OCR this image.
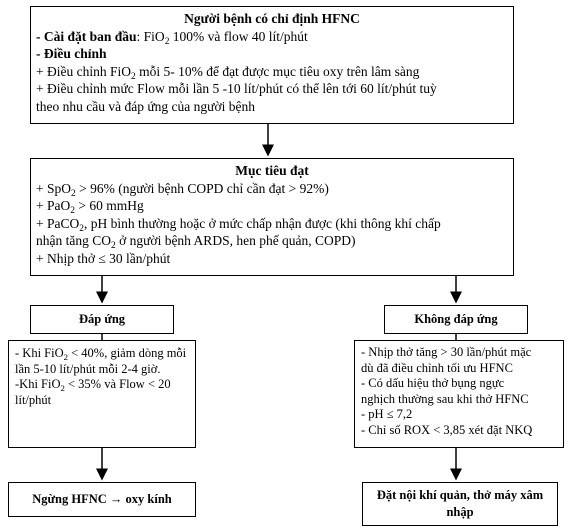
Người bệnh có chỉ định HFNC
- Cài đặt ban đầu: FiO$_2$ 100% và flow 40 lít/phút
- Điều chỉnh
+ Điều chỉnh FiO$_2$ mỗi 5- 10% để đạt được mục tiêu oxy trên lâm sàng
+ Điều chỉnh mức Flow mỗi lần 5 -10 lít/phút có thể lên tới 60 lít/phút tuỳ
theo nhu cầu và đáp ứng của người bệnh
Mục tiêu đạt
+ SpO$_2$ > 96% (người bệnh COPD chỉ cần đạt > 92%)
+ PaO$_2$ > 60 mmHg
+ PaCO$_2$, pH bình thường hoặc ở mức chấp nhận được (khi thông khí chấp
nhận tăng $CO_2$ ở người bệnh ARDS, hen phế quản, COPD)
+ Nhịp thở ≤ 30 lần/phút
Đáp ứng	Không đáp ứng
- Khi FiO$_2$ < 40%, giảm dòng mỗi
lần 5-10 lít/phút mỗi 2-4 giờ.
-Khi FiO$_2$ < 35% và Flow < 20
lít/phút
- Nhịp thở tăng > 30 lần/phút mặc
dù đã điều chỉnh tối ưu HFNC
- Có dấu hiệu thở bụng ngực
nghịch thường sau khi thở HFNC
- pH ≤ 7,2
- Chỉ số ROX < 3,85 xét đặt NKQ
Ngừng HFNC → oxy kính	Đặt nội khí quản, thở máy xâm
nhập
